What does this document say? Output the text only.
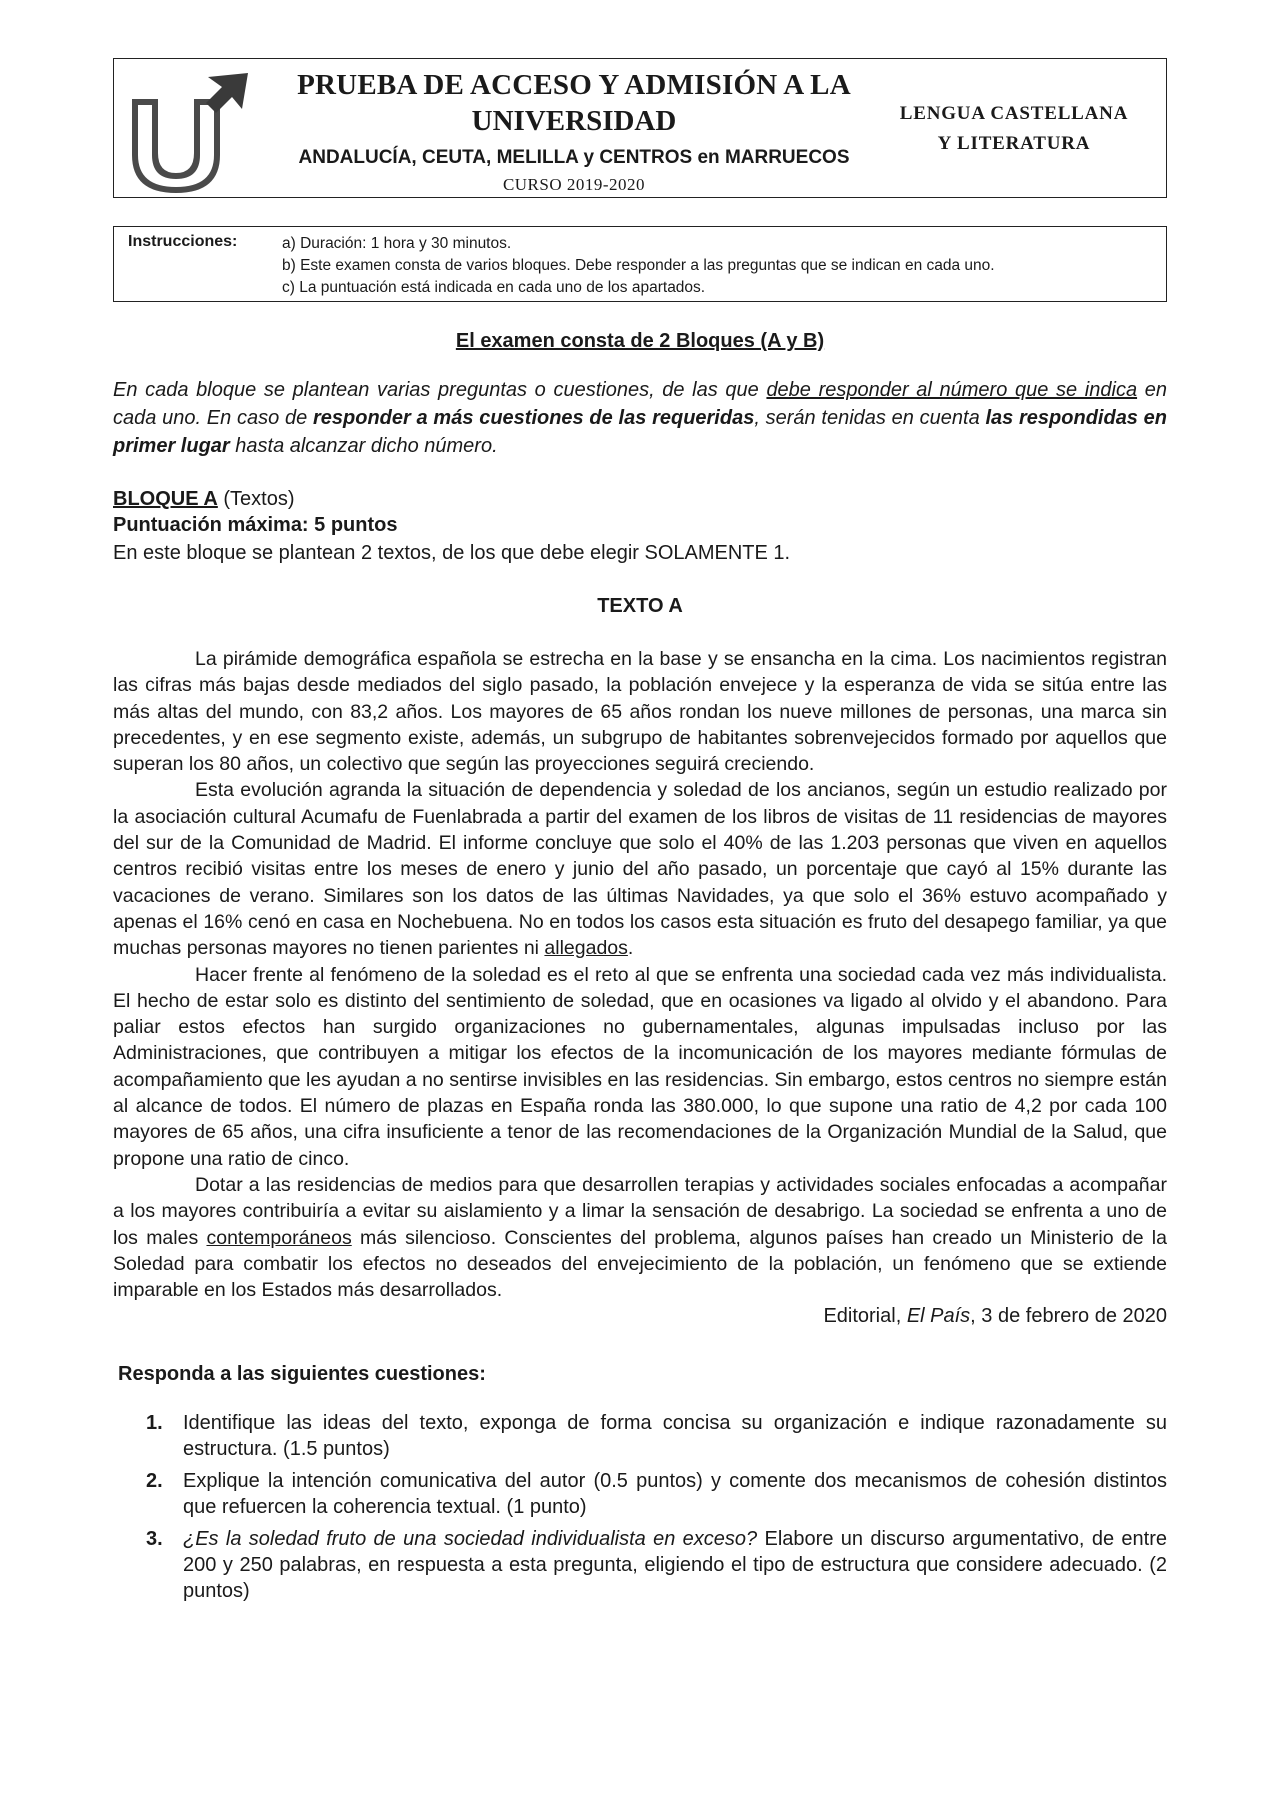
PRUEBA DE ACCESO Y ADMISIÓN A LA
UNIVERSIDAD
ANDALUCÍA, CEUTA, MELILLA y CENTROS en MARRUECOS
CURSO 2019-2020
LENGUA CASTELLANA
Y LITERATURA
Instrucciones:	a) Duración: 1 hora y 30 minutos.
b) Este examen consta de varios bloques. Debe responder a las preguntas que se indican en cada uno.
c) La puntuación está indicada en cada uno de los apartados.
El examen consta de 2 Bloques (A y B)
En cada bloque se plantean varias preguntas o cuestiones, de las que debe responder al número que se indica en cada uno. En caso de responder a más cuestiones de las requeridas, serán tenidas en cuenta las respondidas en primer lugar hasta alcanzar dicho número.
BLOQUE A (Textos)
Puntuación máxima: 5 puntos
En este bloque se plantean 2 textos, de los que debe elegir SOLAMENTE 1.
TEXTO A

La pirámide demográfica española se estrecha en la base y se ensancha en la cima. Los nacimientos registran las cifras más bajas desde mediados del siglo pasado, la población envejece y la esperanza de vida se sitúa entre las más altas del mundo, con 83,2 años. Los mayores de 65 años rondan los nueve millones de personas, una marca sin precedentes, y en ese segmento existe, además, un subgrupo de habitantes sobrenvejecidos formado por aquellos que superan los 80 años, un colectivo que según las proyecciones seguirá creciendo.

Esta evolución agranda la situación de dependencia y soledad de los ancianos, según un estudio realizado por la asociación cultural Acumafu de Fuenlabrada a partir del examen de los libros de visitas de 11 residencias de mayores del sur de la Comunidad de Madrid. El informe concluye que solo el 40% de las 1.203 personas que viven en aquellos centros recibió visitas entre los meses de enero y junio del año pasado, un porcentaje que cayó al 15% durante las vacaciones de verano. Similares son los datos de las últimas Navidades, ya que solo el 36% estuvo acompañado y apenas el 16% cenó en casa en Nochebuena. No en todos los casos esta situación es fruto del desapego familiar, ya que muchas personas mayores no tienen parientes ni allegados.

Hacer frente al fenómeno de la soledad es el reto al que se enfrenta una sociedad cada vez más individualista. El hecho de estar solo es distinto del sentimiento de soledad, que en ocasiones va ligado al olvido y el abandono. Para paliar estos efectos han surgido organizaciones no gubernamentales, algunas impulsadas incluso por las Administraciones, que contribuyen a mitigar los efectos de la incomunicación de los mayores mediante fórmulas de acompañamiento que les ayudan a no sentirse invisibles en las residencias. Sin embargo, estos centros no siempre están al alcance de todos. El número de plazas en España ronda las 380.000, lo que supone una ratio de 4,2 por cada 100 mayores de 65 años, una cifra insuficiente a tenor de las recomendaciones de la Organización Mundial de la Salud, que propone una ratio de cinco.

Dotar a las residencias de medios para que desarrollen terapias y actividades sociales enfocadas a acompañar a los mayores contribuiría a evitar su aislamiento y a limar la sensación de desabrigo. La sociedad se enfrenta a uno de los males contemporáneos más silencioso. Conscientes del problema, algunos países han creado un Ministerio de la Soledad para combatir los efectos no deseados del envejecimiento de la población, un fenómeno que se extiende imparable en los Estados más desarrollados.

Editorial, El País, 3 de febrero de 2020
Responda a las siguientes cuestiones:
1. Identifique las ideas del texto, exponga de forma concisa su organización e indique razonadamente su estructura. (1.5 puntos)
2. Explique la intención comunicativa del autor (0.5 puntos) y comente dos mecanismos de cohesión distintos que refuercen la coherencia textual. (1 punto)
3. ¿Es la soledad fruto de una sociedad individualista en exceso? Elabore un discurso argumentativo, de entre 200 y 250 palabras, en respuesta a esta pregunta, eligiendo el tipo de estructura que considere adecuado. (2 puntos)
